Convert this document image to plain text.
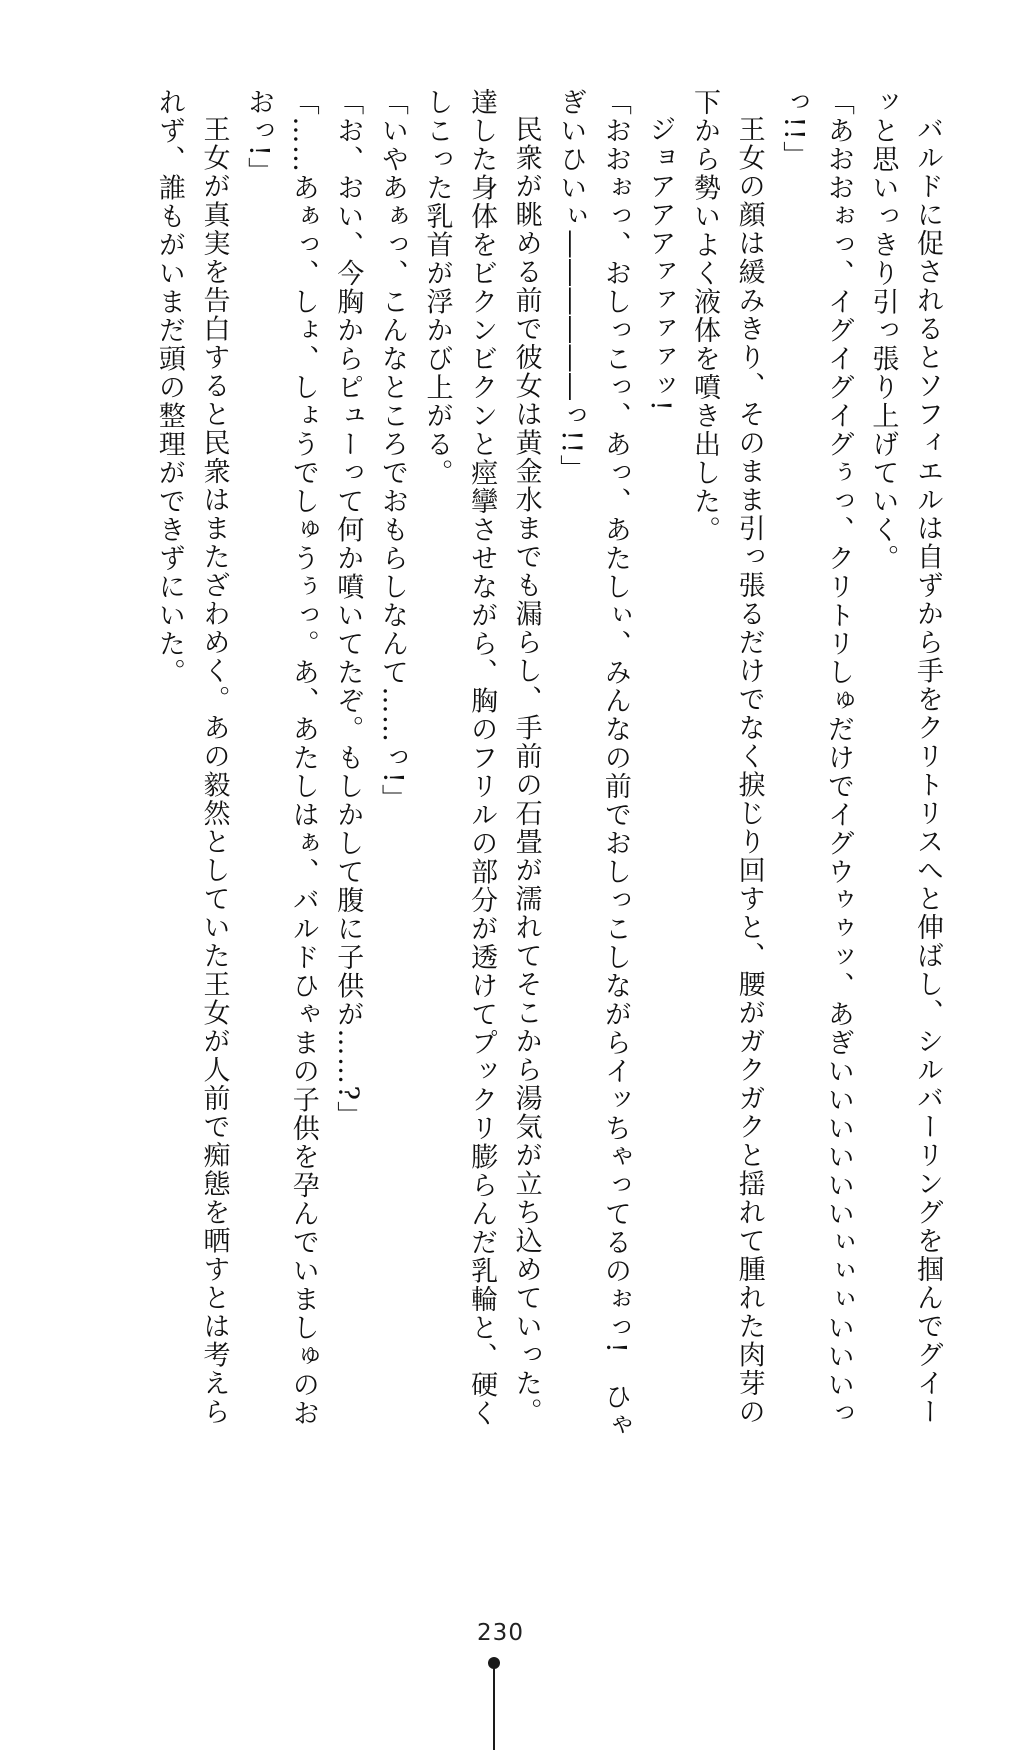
バルドに促されるとソフィエルは自ずから手をクリトリスへと伸ばし、シルバーリングを掴んでグイーッと思いっきり引っ張り上げていく。

「あおおぉっ、イグイグイグぅっ、クリトリしゅだけでイグウゥゥッ、あぎいいいいいいぃぃぃいいいっっ!!」

王女の顔は緩みきり、そのまま引っ張るだけでなく捩じり回すと、腰がガクガクと揺れて腫れた肉芽の下から勢いよく液体を噴き出した。

ジョアアアァァァァッ!

「おおぉっ、おしっこっ、あっ、あたしぃ、みんなの前でおしっこしながらイッちゃってるのぉっ!　ひゃぎいひいぃ――――――っ!!」

民衆が眺める前で彼女は黄金水までも漏らし、手前の石畳が濡れてそこから湯気が立ち込めていった。達した身体をビクンビクンと痙攣させながら、胸のフリルの部分が透けてプックリ膨らんだ乳輪と、硬くしこった乳首が浮かび上がる。

「いやあぁっ、こんなところでおもらしなんて……っ!」

「お、おい、今胸からピューって何か噴いてたぞ。もしかして腹に子供が……?」

「……あぁっ、しょ、しょうでしゅうぅっ。あ、あたしはぁ、バルドひゃまの子供を孕んでいましゅのおおっ!」

王女が真実を告白すると民衆はまたざわめく。あの毅然としていた王女が人前で痴態を晒すとは考えられず、誰もがいまだ頭の整理ができずにいた。

230
